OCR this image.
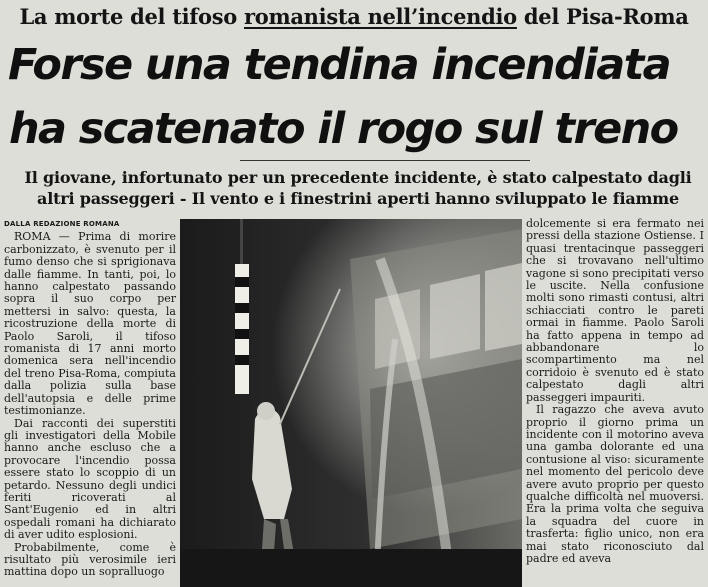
La morte del tifoso romanista nell’incendio del Pisa-Roma
Forse una tendina incendiata
ha scatenato il rogo sul treno
Il giovane, infortunato per un precedente incidente, è stato calpestato dagli
altri passeggeri - Il vento e i finestrini aperti hanno sviluppato le fiamme
DALLA REDAZIONE ROMANA

ROMA — Prima di morire carbonizzato, è svenuto per il fumo denso che si sprigionava dalle fiamme. In tanti, poi, lo hanno calpestato passando sopra il suo corpo per mettersi in salvo: questa, la ricostruzione della morte di Paolo Saroli, il tifoso romanista di 17 anni morto domenica sera nell'incendio del treno Pisa-Roma, compiuta dalla polizia sulla base dell'autopsia e delle prime testimonianze.

Dai racconti dei superstiti gli investigatori della Mobile hanno anche escluso che a provocare l'incendio possa essere stato lo scoppio di un petardo. Nessuno degli undici feriti ricoverati al Sant'Eugenio ed in altri ospedali romani ha dichiarato di aver udito esplosioni.

Probabilmente, come è risultato più verosimile ieri mattina dopo un sopralluogo

dolcemente si era fermato nei pressi della stazione Ostiense. I quasi trentacinque passeggeri che si trovavano nell'ultimo vagone si sono precipitati verso le uscite. Nella confusione molti sono rimasti contusi, altri schiacciati contro le pareti ormai in fiamme. Paolo Saroli ha fatto appena in tempo ad abbandonare lo scompartimento ma nel corridoio è svenuto ed è stato calpestato dagli altri passeggeri impauriti.

Il ragazzo che aveva avuto proprio il giorno prima un incidente con il motorino aveva una gamba dolorante ed una contusione al viso: sicuramente nel momento del pericolo deve avere avuto proprio per questo qualche difficoltà nel muoversi. Era la prima volta che seguiva la squadra del cuore in trasferta: figlio unico, non era mai stato riconosciuto dal padre ed aveva
